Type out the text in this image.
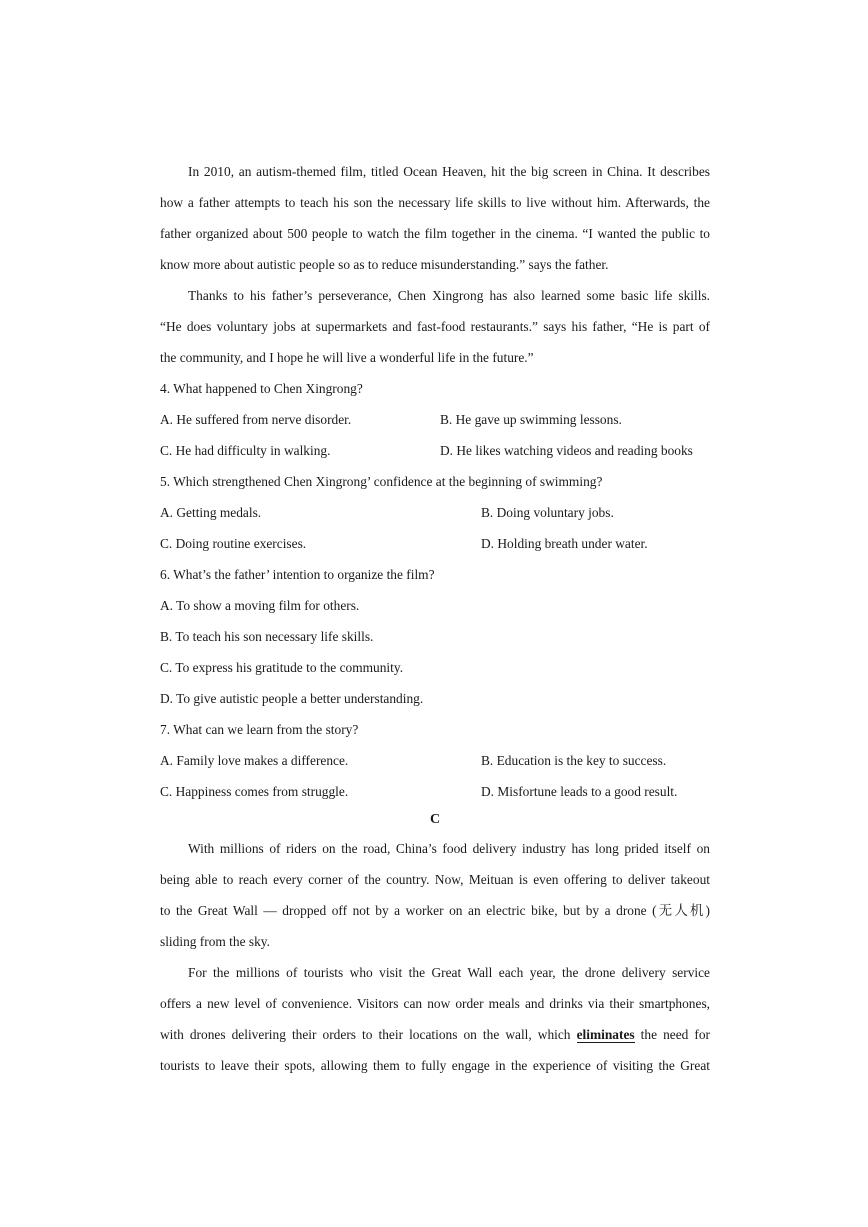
In 2010, an autism-themed film, titled Ocean Heaven, hit the big screen in China. It describes
how a father attempts to teach his son the necessary life skills to live without him. Afterwards, the
father organized about 500 people to watch the film together in the cinema. “I wanted the public to
know more about autistic people so as to reduce misunderstanding.” says the father.
Thanks to his father’s perseverance, Chen Xingrong has also learned some basic life skills.
“He does voluntary jobs at supermarkets and fast-food restaurants.” says his father, “He is part of
the community, and I hope he will live a wonderful life in the future.”
4. What happened to Chen Xingrong?
A. He suffered from nerve disorder.	B. He gave up swimming lessons.
C. He had difficulty in walking.	D. He likes watching videos and reading books
5. Which strengthened Chen Xingrong’ confidence at the beginning of swimming?
A. Getting medals.	B. Doing voluntary jobs.
C. Doing routine exercises.	D. Holding breath under water.
6. What’s the father’ intention to organize the film?
A. To show a moving film for others.
B. To teach his son necessary life skills.
C. To express his gratitude to the community.
D. To give autistic people a better understanding.
7. What can we learn from the story?
A. Family love makes a difference.	B. Education is the key to success.
C. Happiness comes from struggle.	D. Misfortune leads to a good result.
C
With millions of riders on the road, China’s food delivery industry has long prided itself on
being able to reach every corner of the country. Now, Meituan is even offering to deliver takeout
to the Great Wall — dropped off not by a worker on an electric bike, but by a drone (无人机)
sliding from the sky.
For the millions of tourists who visit the Great Wall each year, the drone delivery service
offers a new level of convenience. Visitors can now order meals and drinks via their smartphones,
with drones delivering their orders to their locations on the wall, which eliminates the need for
tourists to leave their spots, allowing them to fully engage in the experience of visiting the Great
